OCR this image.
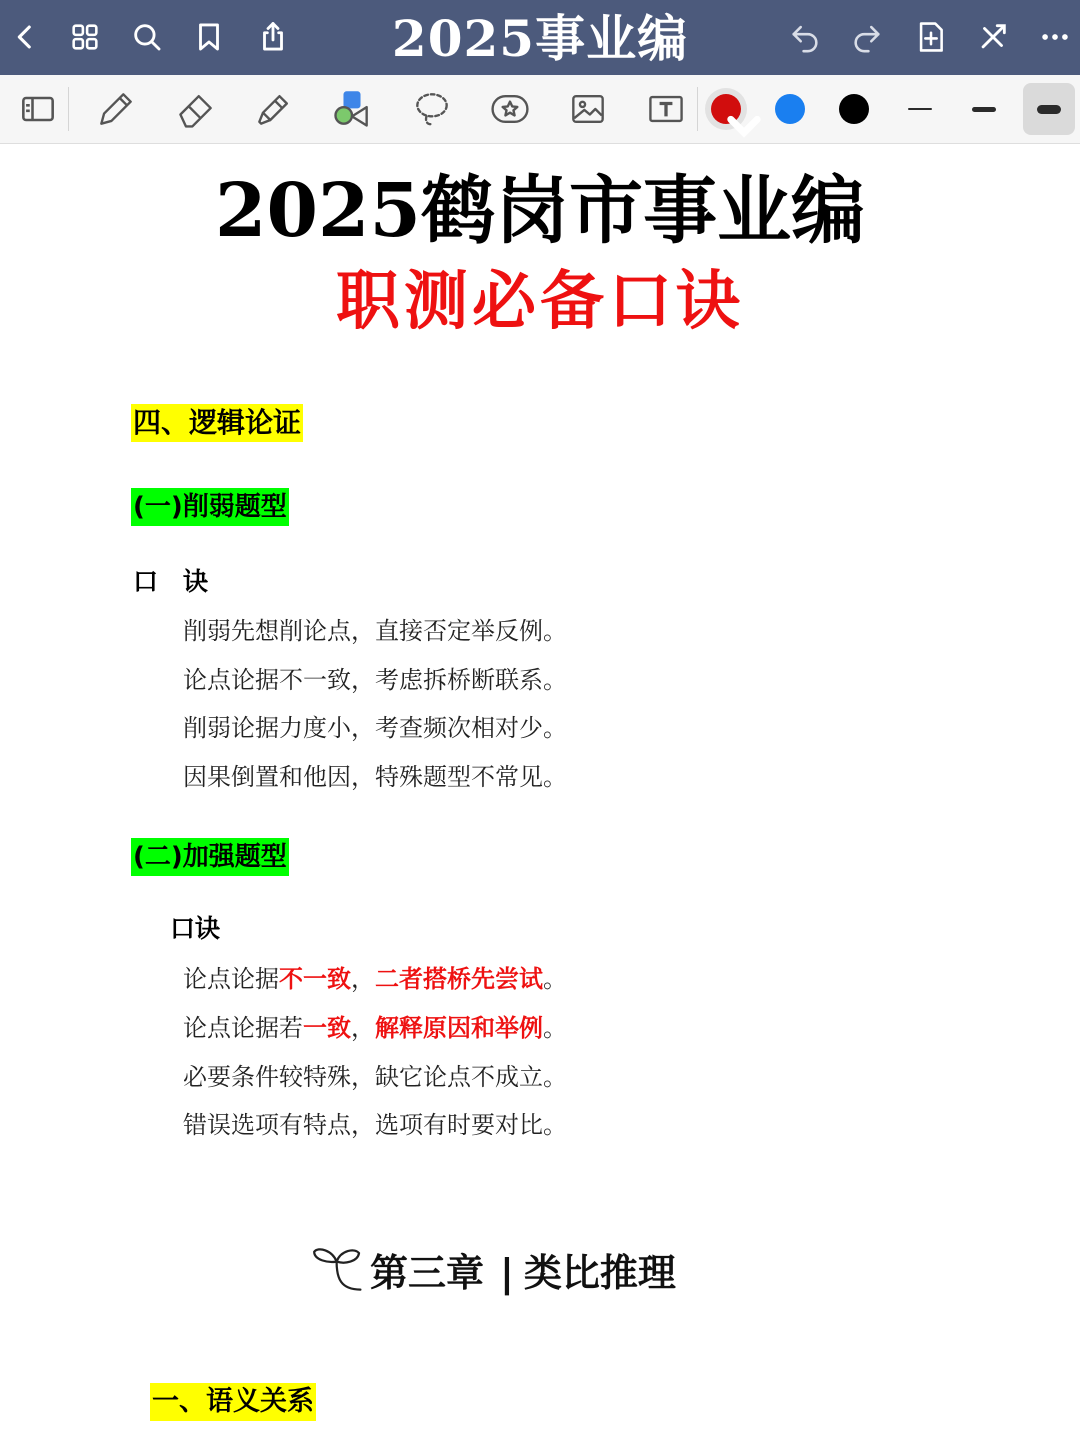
2025事业编
2025鹤岗市事业编
职测必备口诀
四、逻辑论证
(一)削弱题型
口　诀
削弱先想削论点，直接否定举反例。
论点论据不一致，考虑拆桥断联系。
削弱论据力度小，考查频次相对少。
因果倒置和他因，特殊题型不常见。
(二)加强题型
口诀
论点论据不一致，二者搭桥先尝试。
论点论据若一致，解释原因和举例。
必要条件较特殊，缺它论点不成立。
错误选项有特点，选项有时要对比。
第三章 | 类比推理
一、语义关系
